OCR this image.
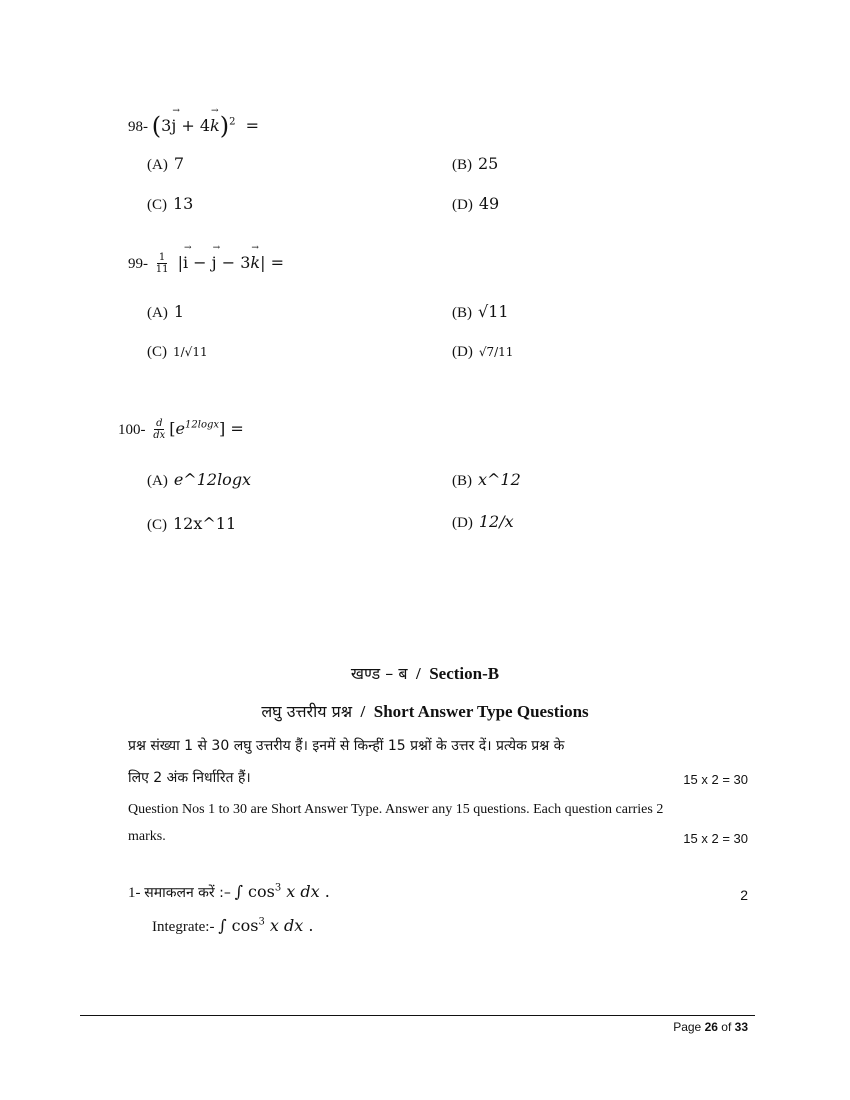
98- $(3\to j + 4\to k)^2$  =
(A) 7	(B) 25
(C) 13	(D) 49
$99- \frac{1}{11}$ |→ i − → j − 3→ k| =
(A) 1	(B) √11
(C) 1/√11	(D) √7/11
$100- \frac{d}{dx} [e^{12logx}]$ =
(A) e^12logx	(B) x^12
(C) 12x^11	(D) 12/x
खण्ड – ब / Section-B
लघु उत्तरीय प्रश्न / Short Answer Type Questions
प्रश्न संख्या 1 से 30 लघु उत्तरीय हैं। इनमें से किन्हीं 15 प्रश्नों के उत्तर दें। प्रत्येक प्रश्न के
लिए 2 अंक निर्धारित हैं।	15 x 2 = 30
Question Nos 1 to 30 are Short Answer Type. Answer any 15 questions. Each question carries 2
marks.	15 x 2 = 30
1- समाकलन करें :– ∫ $\cos^3 x$ dx .	2
Integrate:- ∫ $\cos^3 x$ dx .
Page 26 of 33
